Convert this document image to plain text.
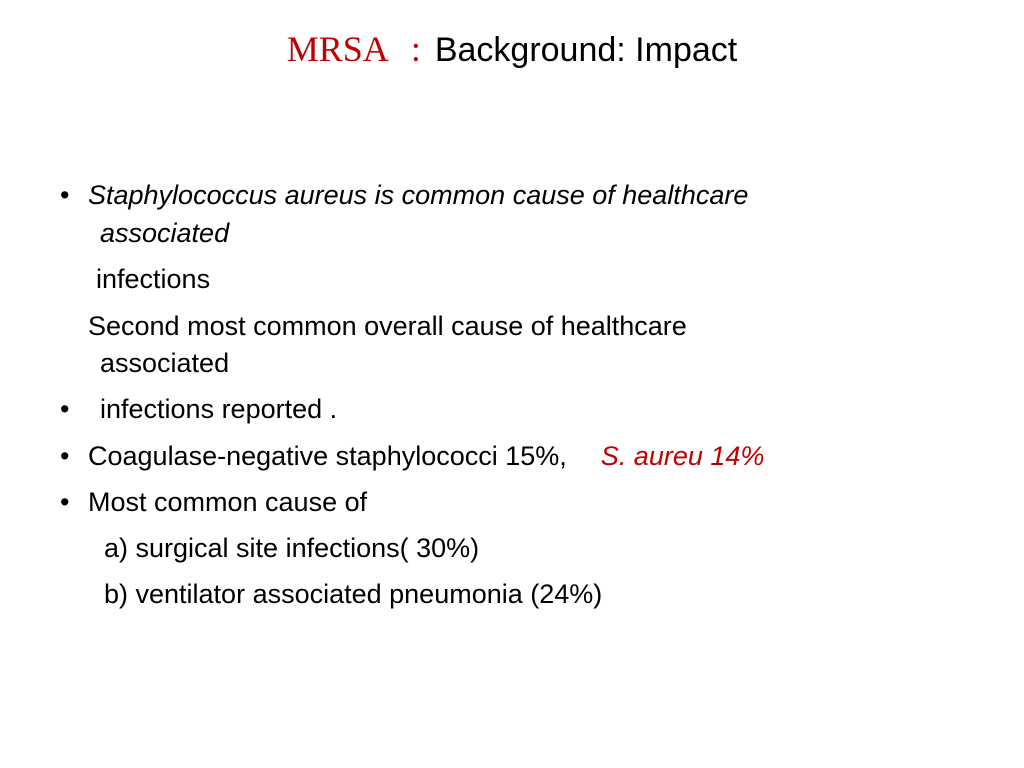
MRSA : Background: Impact
• Staphylococcus aureus is common cause of healthcare
associated
infections
Second most common overall cause of healthcare
associated
• infections reported .
• Coagulase-negative staphylococci 15%, S. aureu 14%
• Most common cause of
a) surgical site infections( 30%)
b) ventilator associated pneumonia (24%)
